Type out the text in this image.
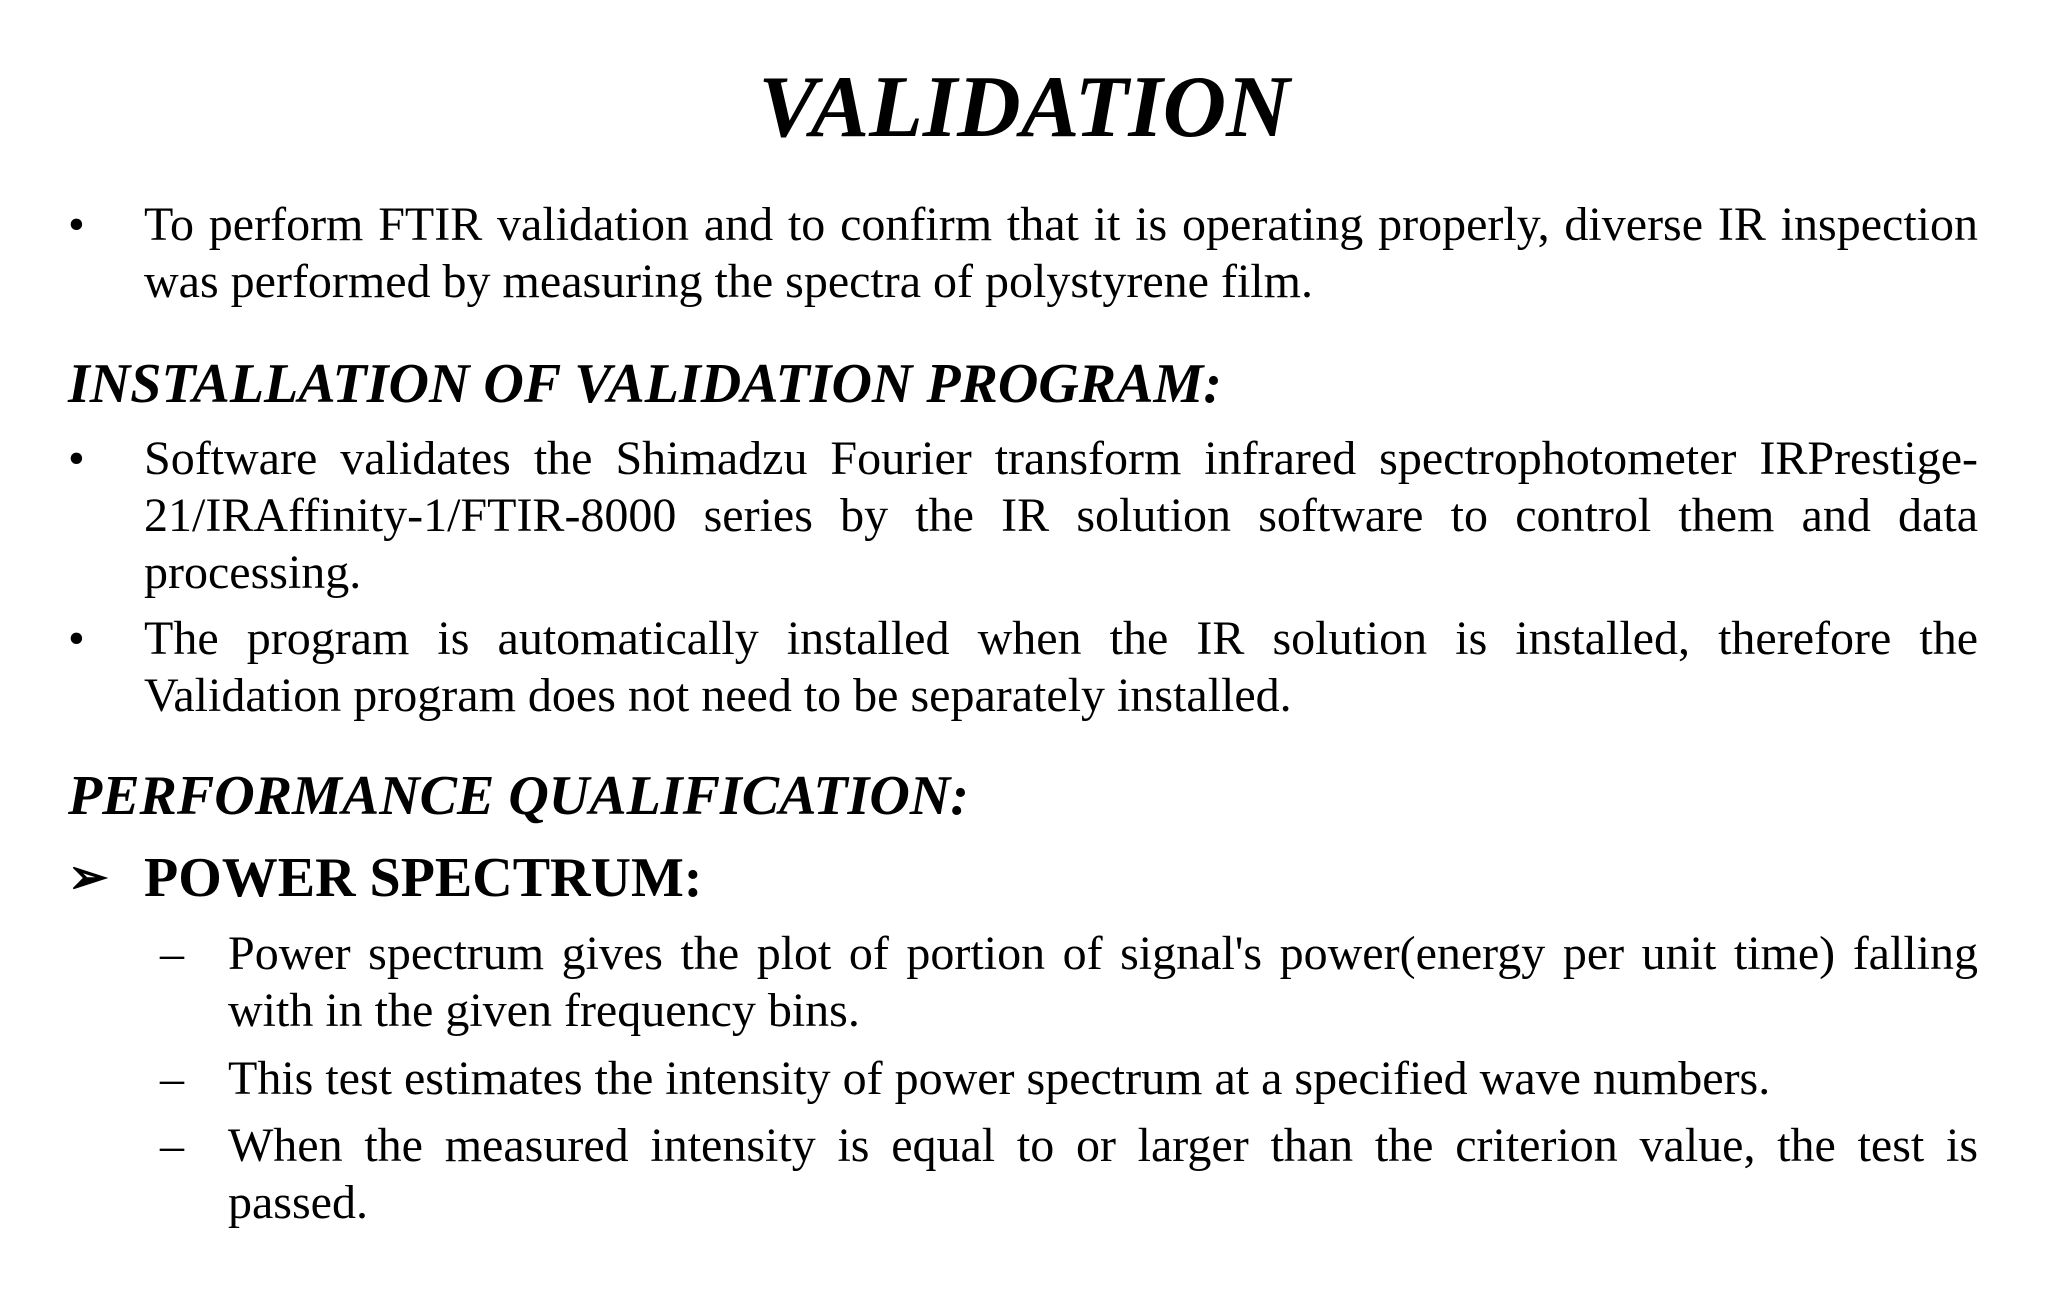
VALIDATION
•	To perform FTIR validation and to confirm that it is operating properly, diverse IR inspection was performed by measuring the spectra of polystyrene film.
INSTALLATION OF VALIDATION PROGRAM:
•	Software validates the Shimadzu Fourier transform infrared spectrophotometer IRPrestige-21/IRAffinity-1/FTIR-8000 series by the IR solution software to control them and data processing.
•	The program is automatically installed when the IR solution is installed, therefore the Validation program does not need to be separately installed.
PERFORMANCE QUALIFICATION:
➢ POWER SPECTRUM:
– Power spectrum gives the plot of portion of signal's power(energy per unit time) falling with in the given frequency bins.
– This test estimates the intensity of power spectrum at a specified wave numbers.
– When the measured intensity is equal to or larger than the criterion value, the test is passed.
